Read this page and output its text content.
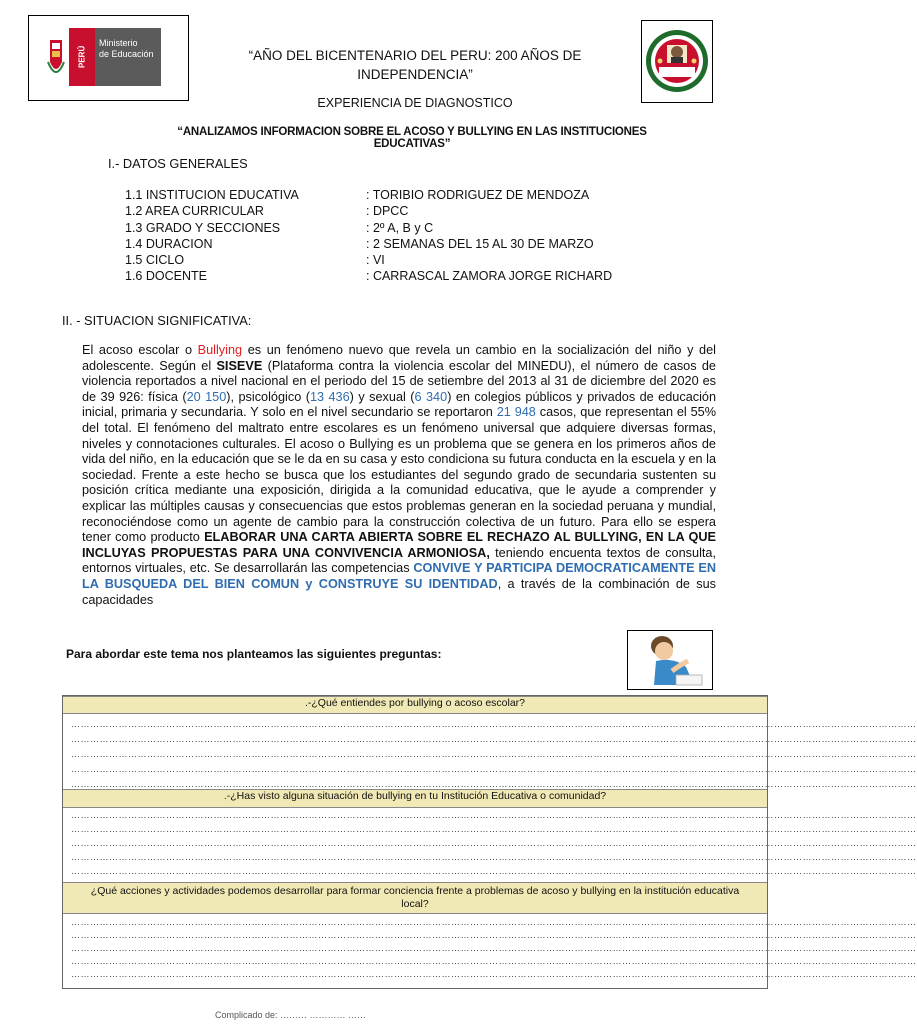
PERÚ
Ministerio
de Educación	“AÑO DEL BICENTENARIO DEL PERU: 200 AÑOS DE
INDEPENDENCIA”
EXPERIENCIA DE DIAGNOSTICO
“ANALIZAMOS INFORMACION SOBRE EL ACOSO Y BULLYING EN LAS INSTITUCIONES EDUCATIVAS”
I.- DATOS GENERALES
1.1 INSTITUCION EDUCATIVA	: TORIBIO RODRIGUEZ DE MENDOZA
1.2 AREA CURRICULAR	: DPCC
1.3 GRADO Y SECCIONES	: 2º A, B y C
1.4 DURACION	: 2 SEMANAS DEL 15 AL 30 DE MARZO
1.5 CICLO	: VI
1.6 DOCENTE	: CARRASCAL ZAMORA JORGE RICHARD
II. - SITUACION SIGNIFICATIVA:
El acoso escolar o Bullying es un fenómeno nuevo que revela un cambio en la socialización del niño y del adolescente. Según el SISEVE (Plataforma contra la violencia escolar del MINEDU), el número de casos de violencia reportados a nivel nacional en el periodo del 15 de setiembre del 2013 al 31 de diciembre del 2020 es de 39 926: física (20 150), psicológico (13 436) y sexual (6 340) en colegios públicos y privados de educación inicial, primaria y secundaria. Y solo en el nivel secundario se reportaron 21 948 casos, que representan el 55% del total. El fenómeno del maltrato entre escolares es un fenómeno universal que adquiere diversas formas, niveles y connotaciones culturales. El acoso o Bullying es un problema que se genera en los primeros años de vida del niño, en la educación que se le da en su casa y esto condiciona su futura conducta en la escuela y en la sociedad. Frente a este hecho se busca que los estudiantes del segundo grado de secundaria sustenten su posición crítica mediante una exposición, dirigida a la comunidad educativa, que le ayude a comprender y explicar las múltiples causas y consecuencias que estos problemas generan en la sociedad peruana y mundial, reconociéndose como un agente de cambio para la construcción colectiva de un futuro. Para ello se espera tener como producto ELABORAR UNA CARTA ABIERTA SOBRE EL RECHAZO AL BULLYING, EN LA QUE INCLUYAS PROPUESTAS PARA UNA CONVIVENCIA ARMONIOSA, teniendo encuenta textos de consulta, entornos virtuales, etc. Se desarrollarán las competencias CONVIVE Y PARTICIPA DEMOCRATICAMENTE EN LA BUSQUEDA DEL BIEN COMUN y CONSTRUYE SU IDENTIDAD, a través de la combinación de sus capacidades
Para abordar este tema nos planteamos las siguientes preguntas:
.-¿Qué entiendes por bullying o acoso escolar?
……………………………………………………………………………………………………………………………………………………………………………………………………………………………………………
……………………………………………………………………………………………………………………………………………………………………………………………………………………………………………
……………………………………………………………………………………………………………………………………………………………………………………………………………………………………………
……………………………………………………………………………………………………………………………………………………………………………………………………………………………………………
……………………………………………………………………………………………………………………………………………………………………………………………………………………………………………
.-¿Has visto alguna situación de bullying en tu Institución Educativa o comunidad?
……………………………………………………………………………………………………………………………………………………………………………………………………………………………………………
……………………………………………………………………………………………………………………………………………………………………………………………………………………………………………
……………………………………………………………………………………………………………………………………………………………………………………………………………………………………………
……………………………………………………………………………………………………………………………………………………………………………………………………………………………………………
……………………………………………………………………………………………………………………………………………………………………………………………………………………………………………
¿Qué acciones y actividades podemos desarrollar para formar conciencia frente a problemas de acoso y bullying en la institución educativa local?
……………………………………………………………………………………………………………………………………………………………………………………………………………………………………………
……………………………………………………………………………………………………………………………………………………………………………………………………………………………………………
……………………………………………………………………………………………………………………………………………………………………………………………………………………………………………
……………………………………………………………………………………………………………………………………………………………………………………………………………………………………………
……………………………………………………………………………………………………………………………………………………………………………………………………………………………………………
Complicado de: ……… ………… ……
